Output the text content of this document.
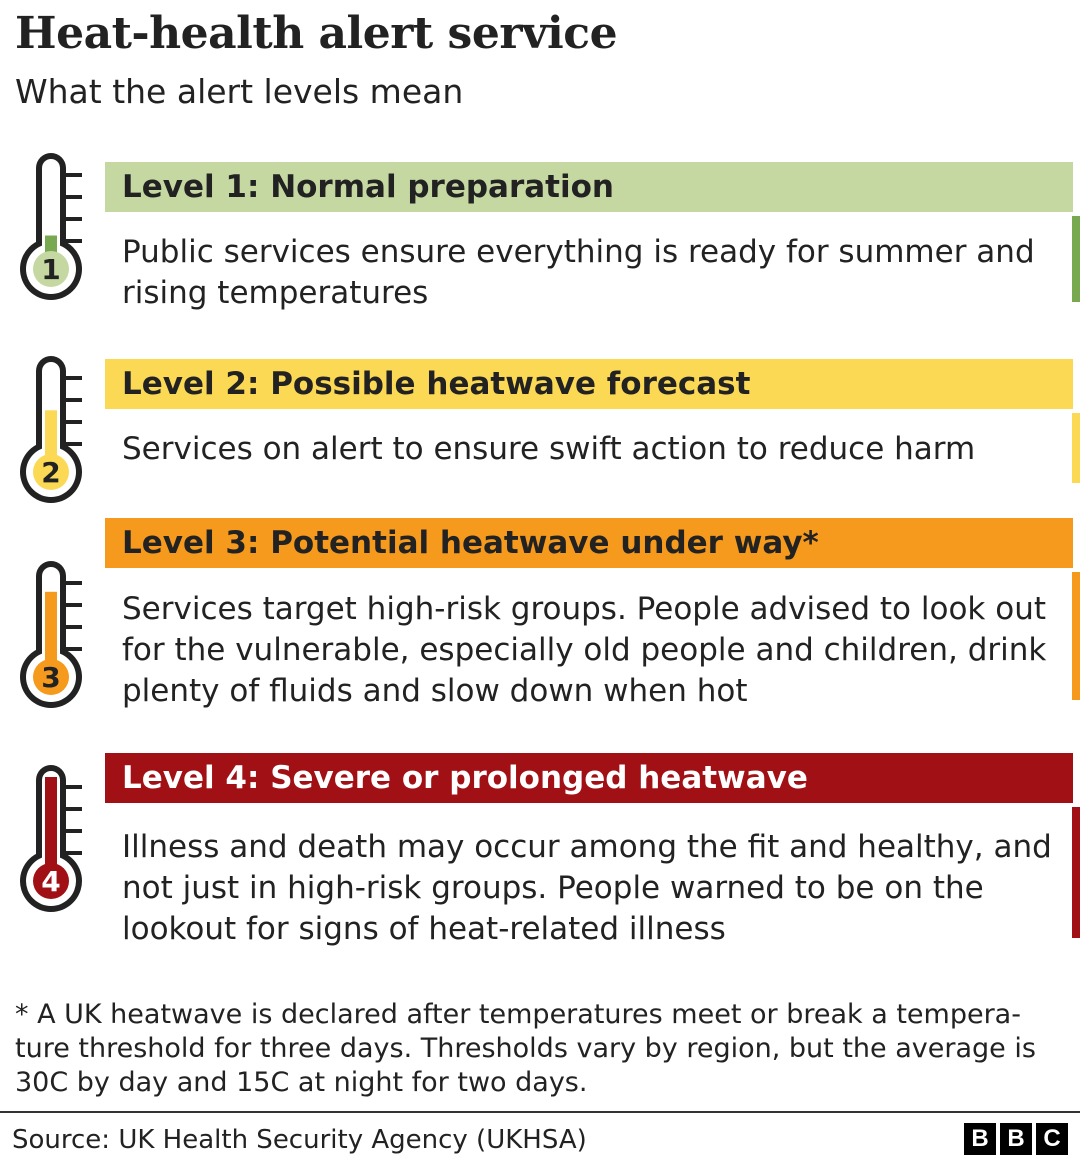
Heat-health alert service

What the alert levels mean

1
Level 1: Normal preparation
Public services ensure everything is ready for summer and rising temperatures
2
Level 2: Possible heatwave forecast
Services on alert to ensure swift action to reduce harm
3
Level 3: Potential heatwave under way*
Services target high-risk groups. People advised to look out for the vulnerable, especially old people and children, drink plenty of fluids and slow down when hot
4
Level 4: Severe or prolonged heatwave
Illness and death may occur among the fit and healthy, and not just in high-risk groups. People warned to be on the lookout for signs of heat-related illness

* A UK heatwave is declared after temperatures meet or break a tempera-ture threshold for three days. Thresholds vary by region, but the average is 30C by day and 15C at night for two days.

Source: UK Health Security Agency (UKHSA)	B B C
